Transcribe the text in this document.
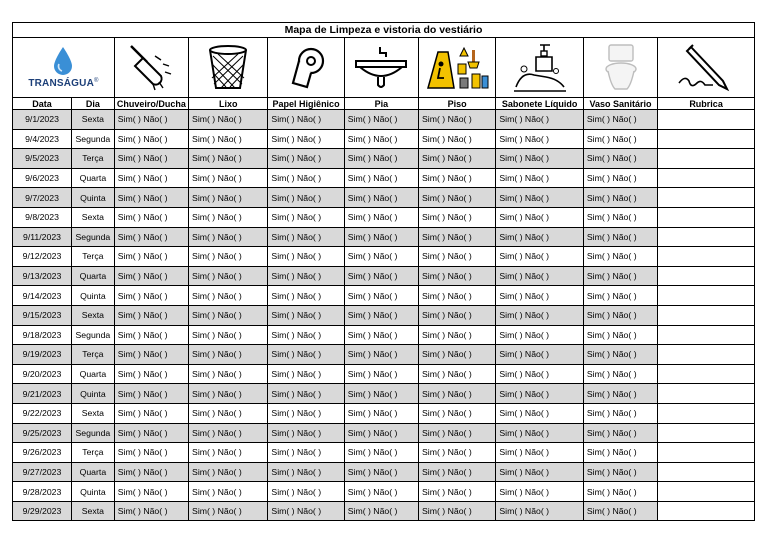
Mapa de Limpeza e vistoria do vestiário									

TRANSÁGUA®

Data	Dia	Chuveiro/Ducha	Lixo	Papel Higiênico	Pia	Piso	Sabonete Líquido	Vaso Sanitário	Rubrica
9/1/2023	Sexta	Sim( ) Não( )	Sim( ) Não( )	Sim( ) Não( )	Sim( ) Não( )	Sim( ) Não( )	Sim( ) Não( )	Sim( ) Não( )	
9/4/2023	Segunda	Sim( ) Não( )	Sim( ) Não( )	Sim( ) Não( )	Sim( ) Não( )	Sim( ) Não( )	Sim( ) Não( )	Sim( ) Não( )	
9/5/2023	Terça	Sim( ) Não( )	Sim( ) Não( )	Sim( ) Não( )	Sim( ) Não( )	Sim( ) Não( )	Sim( ) Não( )	Sim( ) Não( )	
9/6/2023	Quarta	Sim( ) Não( )	Sim( ) Não( )	Sim( ) Não( )	Sim( ) Não( )	Sim( ) Não( )	Sim( ) Não( )	Sim( ) Não( )	
9/7/2023	Quinta	Sim( ) Não( )	Sim( ) Não( )	Sim( ) Não( )	Sim( ) Não( )	Sim( ) Não( )	Sim( ) Não( )	Sim( ) Não( )	
9/8/2023	Sexta	Sim( ) Não( )	Sim( ) Não( )	Sim( ) Não( )	Sim( ) Não( )	Sim( ) Não( )	Sim( ) Não( )	Sim( ) Não( )	
9/11/2023	Segunda	Sim( ) Não( )	Sim( ) Não( )	Sim( ) Não( )	Sim( ) Não( )	Sim( ) Não( )	Sim( ) Não( )	Sim( ) Não( )	
9/12/2023	Terça	Sim( ) Não( )	Sim( ) Não( )	Sim( ) Não( )	Sim( ) Não( )	Sim( ) Não( )	Sim( ) Não( )	Sim( ) Não( )	
9/13/2023	Quarta	Sim( ) Não( )	Sim( ) Não( )	Sim( ) Não( )	Sim( ) Não( )	Sim( ) Não( )	Sim( ) Não( )	Sim( ) Não( )	
9/14/2023	Quinta	Sim( ) Não( )	Sim( ) Não( )	Sim( ) Não( )	Sim( ) Não( )	Sim( ) Não( )	Sim( ) Não( )	Sim( ) Não( )	
9/15/2023	Sexta	Sim( ) Não( )	Sim( ) Não( )	Sim( ) Não( )	Sim( ) Não( )	Sim( ) Não( )	Sim( ) Não( )	Sim( ) Não( )	
9/18/2023	Segunda	Sim( ) Não( )	Sim( ) Não( )	Sim( ) Não( )	Sim( ) Não( )	Sim( ) Não( )	Sim( ) Não( )	Sim( ) Não( )	
9/19/2023	Terça	Sim( ) Não( )	Sim( ) Não( )	Sim( ) Não( )	Sim( ) Não( )	Sim( ) Não( )	Sim( ) Não( )	Sim( ) Não( )	
9/20/2023	Quarta	Sim( ) Não( )	Sim( ) Não( )	Sim( ) Não( )	Sim( ) Não( )	Sim( ) Não( )	Sim( ) Não( )	Sim( ) Não( )	
9/21/2023	Quinta	Sim( ) Não( )	Sim( ) Não( )	Sim( ) Não( )	Sim( ) Não( )	Sim( ) Não( )	Sim( ) Não( )	Sim( ) Não( )	
9/22/2023	Sexta	Sim( ) Não( )	Sim( ) Não( )	Sim( ) Não( )	Sim( ) Não( )	Sim( ) Não( )	Sim( ) Não( )	Sim( ) Não( )	
9/25/2023	Segunda	Sim( ) Não( )	Sim( ) Não( )	Sim( ) Não( )	Sim( ) Não( )	Sim( ) Não( )	Sim( ) Não( )	Sim( ) Não( )	
9/26/2023	Terça	Sim( ) Não( )	Sim( ) Não( )	Sim( ) Não( )	Sim( ) Não( )	Sim( ) Não( )	Sim( ) Não( )	Sim( ) Não( )	
9/27/2023	Quarta	Sim( ) Não( )	Sim( ) Não( )	Sim( ) Não( )	Sim( ) Não( )	Sim( ) Não( )	Sim( ) Não( )	Sim( ) Não( )	
9/28/2023	Quinta	Sim( ) Não( )	Sim( ) Não( )	Sim( ) Não( )	Sim( ) Não( )	Sim( ) Não( )	Sim( ) Não( )	Sim( ) Não( )	
9/29/2023	Sexta	Sim( ) Não( )	Sim( ) Não( )	Sim( ) Não( )	Sim( ) Não( )	Sim( ) Não( )	Sim( ) Não( )	Sim( ) Não( )	
